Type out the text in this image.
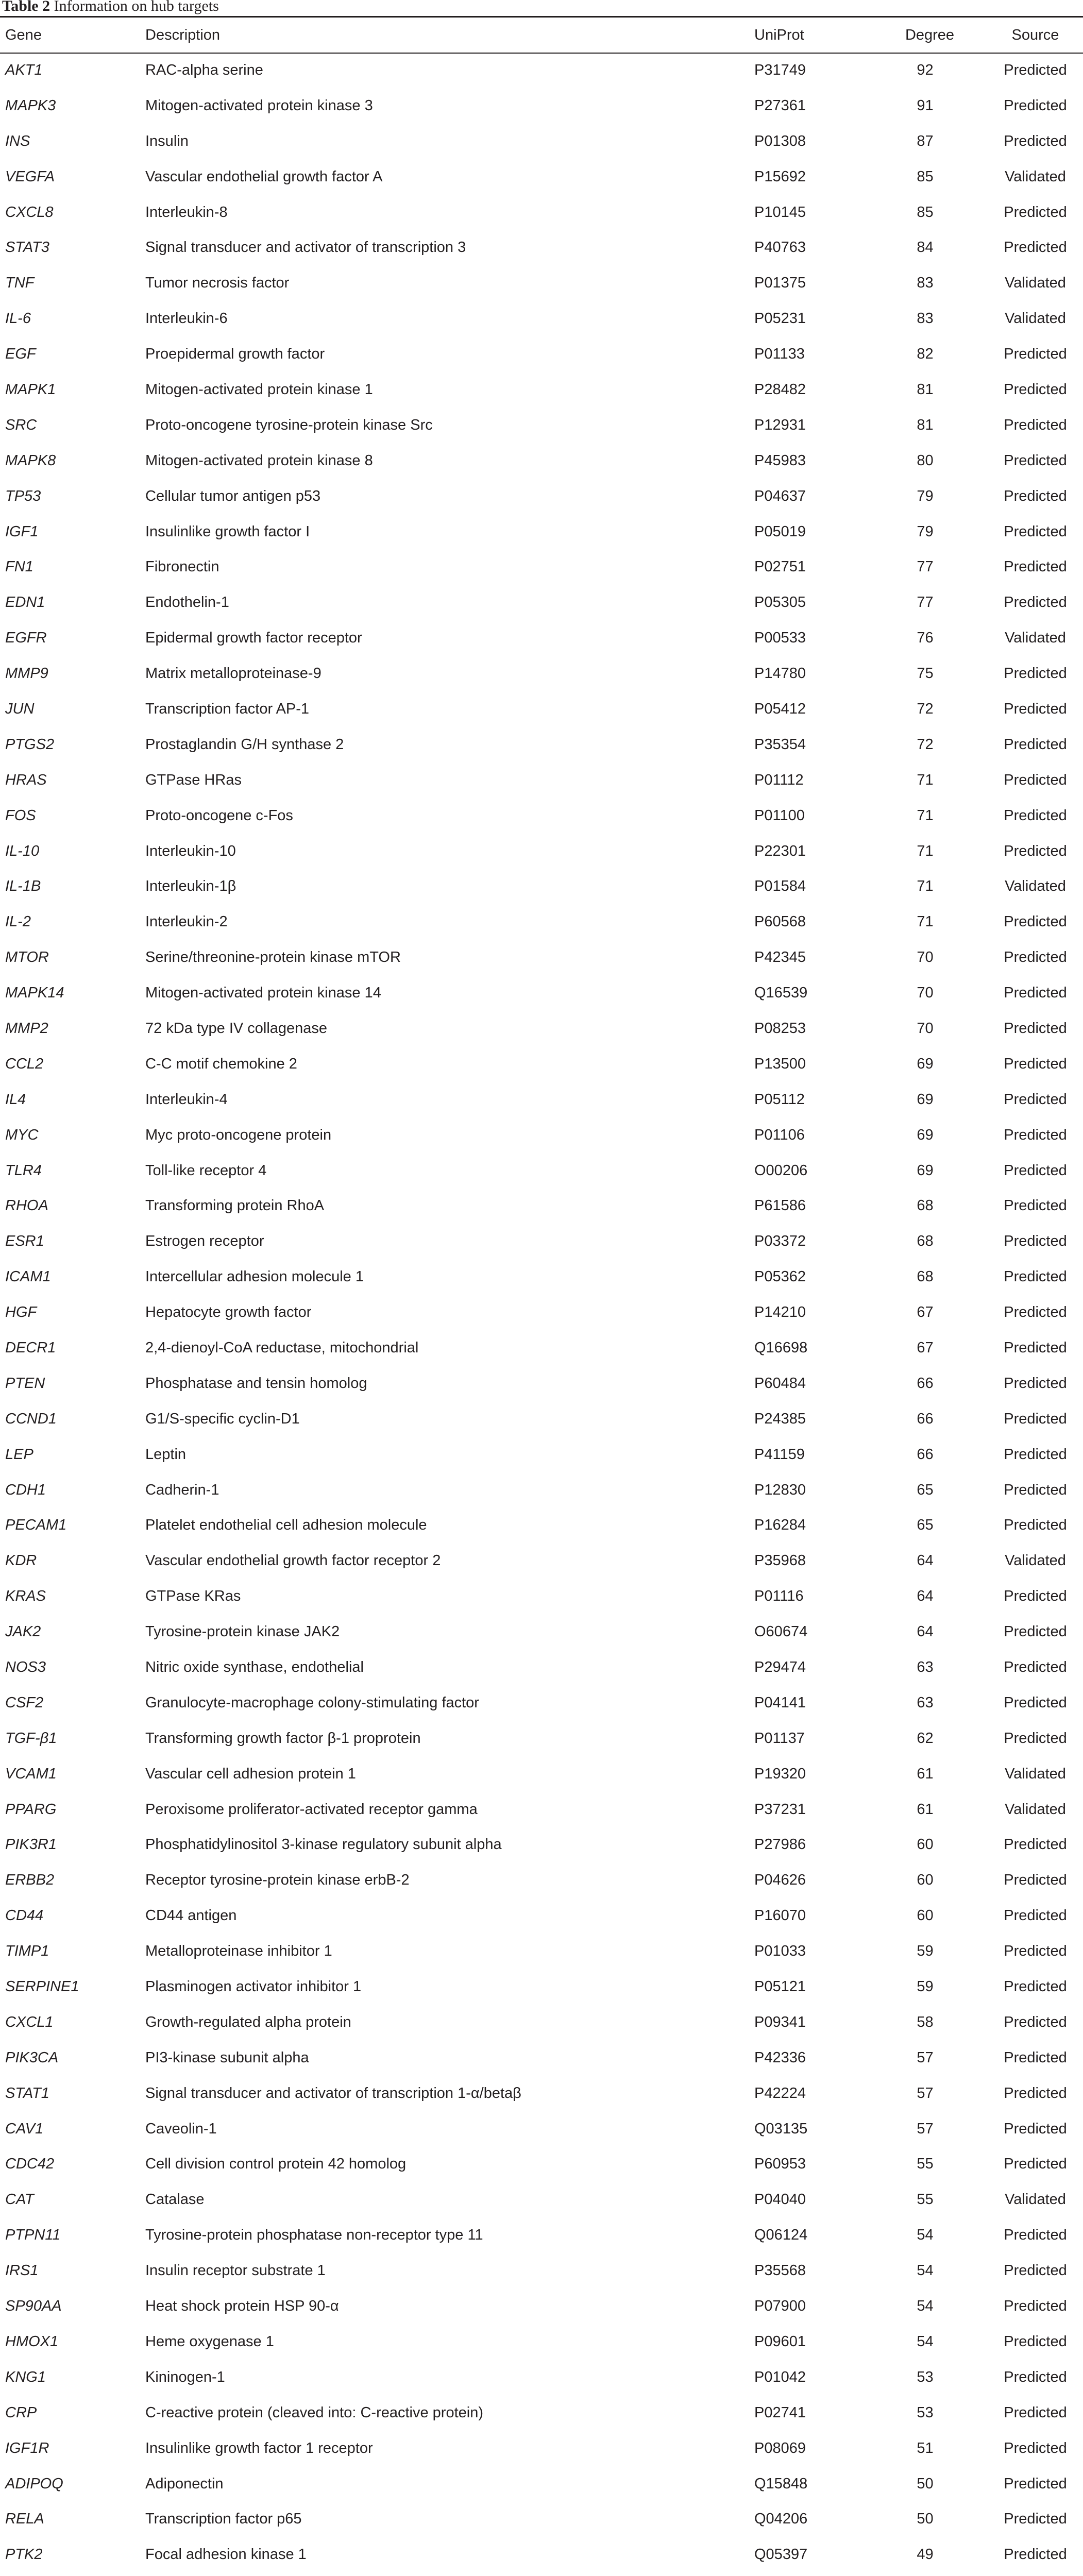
Table 2 Information on hub targets
Gene	Description	UniProt	Degree	Source
AKT1	RAC-alpha serine	P31749	92	Predicted
MAPK3	Mitogen-activated protein kinase 3	P27361	91	Predicted
INS	Insulin	P01308	87	Predicted
VEGFA	Vascular endothelial growth factor A	P15692	85	Validated
CXCL8	Interleukin-8	P10145	85	Predicted
STAT3	Signal transducer and activator of transcription 3	P40763	84	Predicted
TNF	Tumor necrosis factor	P01375	83	Validated
IL-6	Interleukin-6	P05231	83	Validated
EGF	Proepidermal growth factor	P01133	82	Predicted
MAPK1	Mitogen-activated protein kinase 1	P28482	81	Predicted
SRC	Proto-oncogene tyrosine-protein kinase Src	P12931	81	Predicted
MAPK8	Mitogen-activated protein kinase 8	P45983	80	Predicted
TP53	Cellular tumor antigen p53	P04637	79	Predicted
IGF1	Insulinlike growth factor I	P05019	79	Predicted
FN1	Fibronectin	P02751	77	Predicted
EDN1	Endothelin-1	P05305	77	Predicted
EGFR	Epidermal growth factor receptor	P00533	76	Validated
MMP9	Matrix metalloproteinase-9	P14780	75	Predicted
JUN	Transcription factor AP-1	P05412	72	Predicted
PTGS2	Prostaglandin G/H synthase 2	P35354	72	Predicted
HRAS	GTPase HRas	P01112	71	Predicted
FOS	Proto-oncogene c-Fos	P01100	71	Predicted
IL-10	Interleukin-10	P22301	71	Predicted
IL-1B	Interleukin-1β	P01584	71	Validated
IL-2	Interleukin-2	P60568	71	Predicted
MTOR	Serine/threonine-protein kinase mTOR	P42345	70	Predicted
MAPK14	Mitogen-activated protein kinase 14	Q16539	70	Predicted
MMP2	72 kDa type IV collagenase	P08253	70	Predicted
CCL2	C-C motif chemokine 2	P13500	69	Predicted
IL4	Interleukin-4	P05112	69	Predicted
MYC	Myc proto-oncogene protein	P01106	69	Predicted
TLR4	Toll-like receptor 4	O00206	69	Predicted
RHOA	Transforming protein RhoA	P61586	68	Predicted
ESR1	Estrogen receptor	P03372	68	Predicted
ICAM1	Intercellular adhesion molecule 1	P05362	68	Predicted
HGF	Hepatocyte growth factor	P14210	67	Predicted
DECR1	2,4-dienoyl-CoA reductase, mitochondrial	Q16698	67	Predicted
PTEN	Phosphatase and tensin homolog	P60484	66	Predicted
CCND1	G1/S-specific cyclin-D1	P24385	66	Predicted
LEP	Leptin	P41159	66	Predicted
CDH1	Cadherin-1	P12830	65	Predicted
PECAM1	Platelet endothelial cell adhesion molecule	P16284	65	Predicted
KDR	Vascular endothelial growth factor receptor 2	P35968	64	Validated
KRAS	GTPase KRas	P01116	64	Predicted
JAK2	Tyrosine-protein kinase JAK2	O60674	64	Predicted
NOS3	Nitric oxide synthase, endothelial	P29474	63	Predicted
CSF2	Granulocyte-macrophage colony-stimulating factor	P04141	63	Predicted
TGF-β1	Transforming growth factor β-1 proprotein	P01137	62	Predicted
VCAM1	Vascular cell adhesion protein 1	P19320	61	Validated
PPARG	Peroxisome proliferator-activated receptor gamma	P37231	61	Validated
PIK3R1	Phosphatidylinositol 3-kinase regulatory subunit alpha	P27986	60	Predicted
ERBB2	Receptor tyrosine-protein kinase erbB-2	P04626	60	Predicted
CD44	CD44 antigen	P16070	60	Predicted
TIMP1	Metalloproteinase inhibitor 1	P01033	59	Predicted
SERPINE1	Plasminogen activator inhibitor 1	P05121	59	Predicted
CXCL1	Growth-regulated alpha protein	P09341	58	Predicted
PIK3CA	PI3-kinase subunit alpha	P42336	57	Predicted
STAT1	Signal transducer and activator of transcription 1-α/betaβ	P42224	57	Predicted
CAV1	Caveolin-1	Q03135	57	Predicted
CDC42	Cell division control protein 42 homolog	P60953	55	Predicted
CAT	Catalase	P04040	55	Validated
PTPN11	Tyrosine-protein phosphatase non-receptor type 11	Q06124	54	Predicted
IRS1	Insulin receptor substrate 1	P35568	54	Predicted
SP90AA	Heat shock protein HSP 90-α	P07900	54	Predicted
HMOX1	Heme oxygenase 1	P09601	54	Predicted
KNG1	Kininogen-1	P01042	53	Predicted
CRP	C-reactive protein (cleaved into: C-reactive protein)	P02741	53	Predicted
IGF1R	Insulinlike growth factor 1 receptor	P08069	51	Predicted
ADIPOQ	Adiponectin	Q15848	50	Predicted
RELA	Transcription factor p65	Q04206	50	Predicted
PTK2	Focal adhesion kinase 1	Q05397	49	Predicted
